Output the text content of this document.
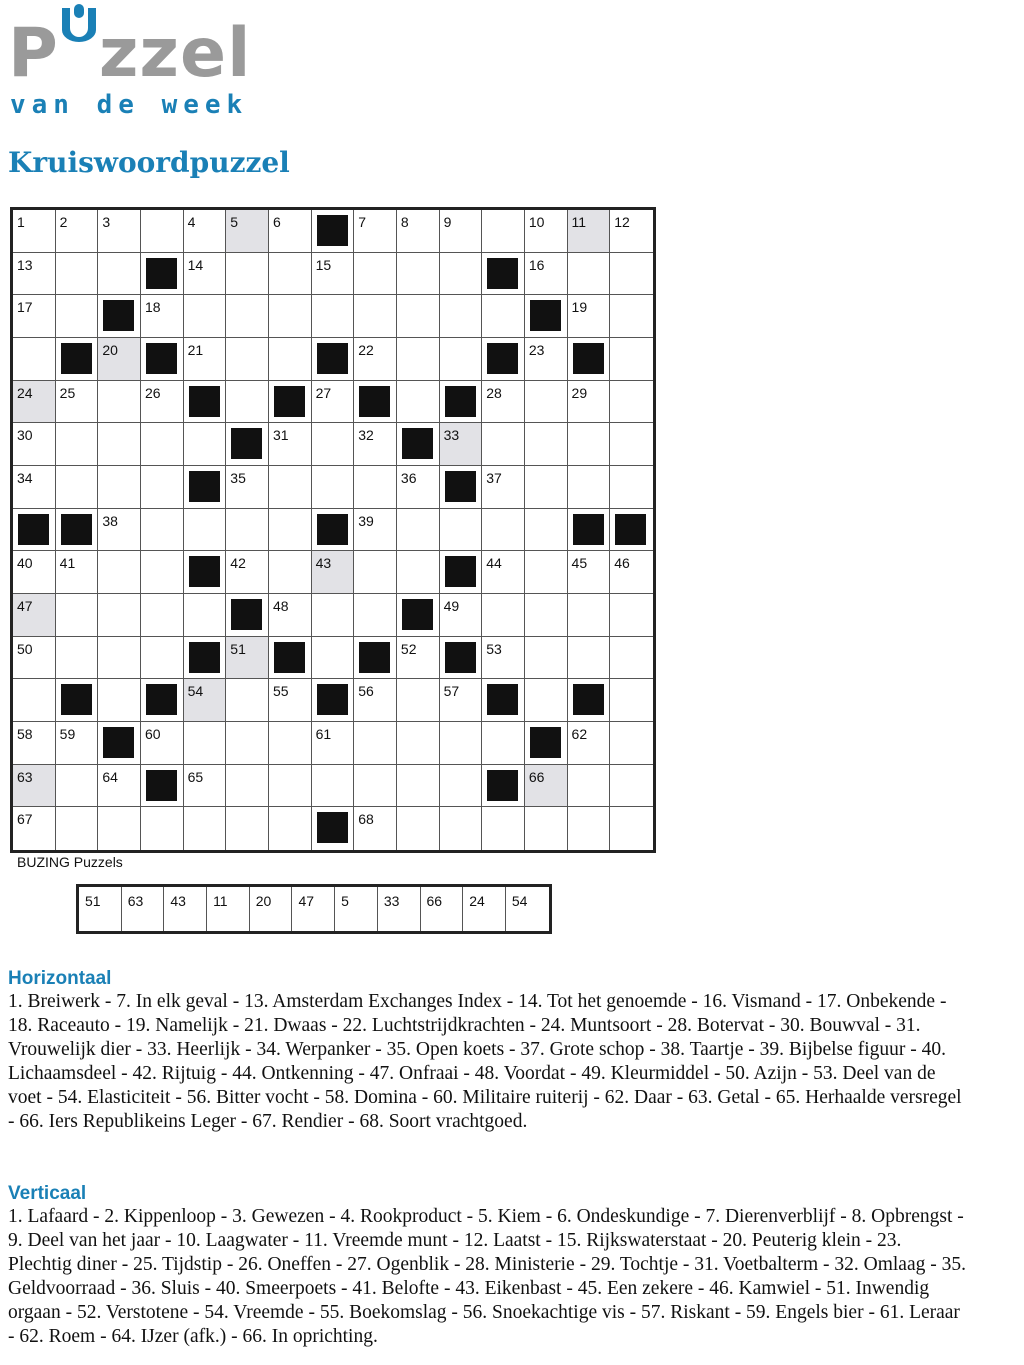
P zzel
van de week
Kruiswoordpuzzel
1 2 3	4 5 6	7 8 9	10 11 12
13	14	15	16
17	18	19
20	21	22	23
24 25	26	27	28	29
30	31	32	33
34	35	36	37
38	39
40 41	42	43	44	45 46
47	48	49
50	51	52	53
54	55	56	57
58 59	60	61	62
63	64	65	66
67	68
BUZING Puzzels
51 63 43 11 20 47 5 33 66 24 54
Horizontaal

1. Breiwerk - 7. In elk geval - 13. Amsterdam Exchanges Index - 14. Tot het genoemde - 16. Vismand - 17. Onbekende - 18. Raceauto - 19. Namelijk - 21. Dwaas - 22. Luchtstrijdkrachten - 24. Muntsoort - 28. Botervat - 30. Bouwval - 31. Vrouwelijk dier - 33. Heerlijk - 34. Werpanker - 35. Open koets - 37. Grote schop - 38. Taartje - 39. Bijbelse figuur - 40. Lichaamsdeel - 42. Rijtuig - 44. Ontkenning - 47. Onfraai - 48. Voordat - 49. Kleurmiddel - 50. Azijn - 53. Deel van de voet - 54. Elasticiteit - 56. Bitter vocht - 58. Domina - 60. Militaire ruiterij - 62. Daar - 63. Getal - 65. Herhaalde versregel - 66. Iers Republikeins Leger - 67. Rendier - 68. Soort vrachtgoed.

Verticaal

1. Lafaard - 2. Kippenloop - 3. Gewezen - 4. Rookproduct - 5. Kiem - 6. Ondeskundige - 7. Dierenverblijf - 8. Opbrengst - 9. Deel van het jaar - 10. Laagwater - 11. Vreemde munt - 12. Laatst - 15. Rijkswaterstaat - 20. Peuterig klein - 23. Plechtig diner - 25. Tijdstip - 26. Oneffen - 27. Ogenblik - 28. Ministerie - 29. Tochtje - 31. Voetbalterm - 32. Omlaag - 35. Geldvoorraad - 36. Sluis - 40. Smeerpoets - 41. Belofte - 43. Eikenbast - 45. Een zekere - 46. Kamwiel - 51. Inwendig orgaan - 52. Verstotene - 54. Vreemde - 55. Boekomslag - 56. Snoekachtige vis - 57. Riskant - 59. Engels bier - 61. Leraar - 62. Roem - 64. IJzer (afk.) - 66. In oprichting.
